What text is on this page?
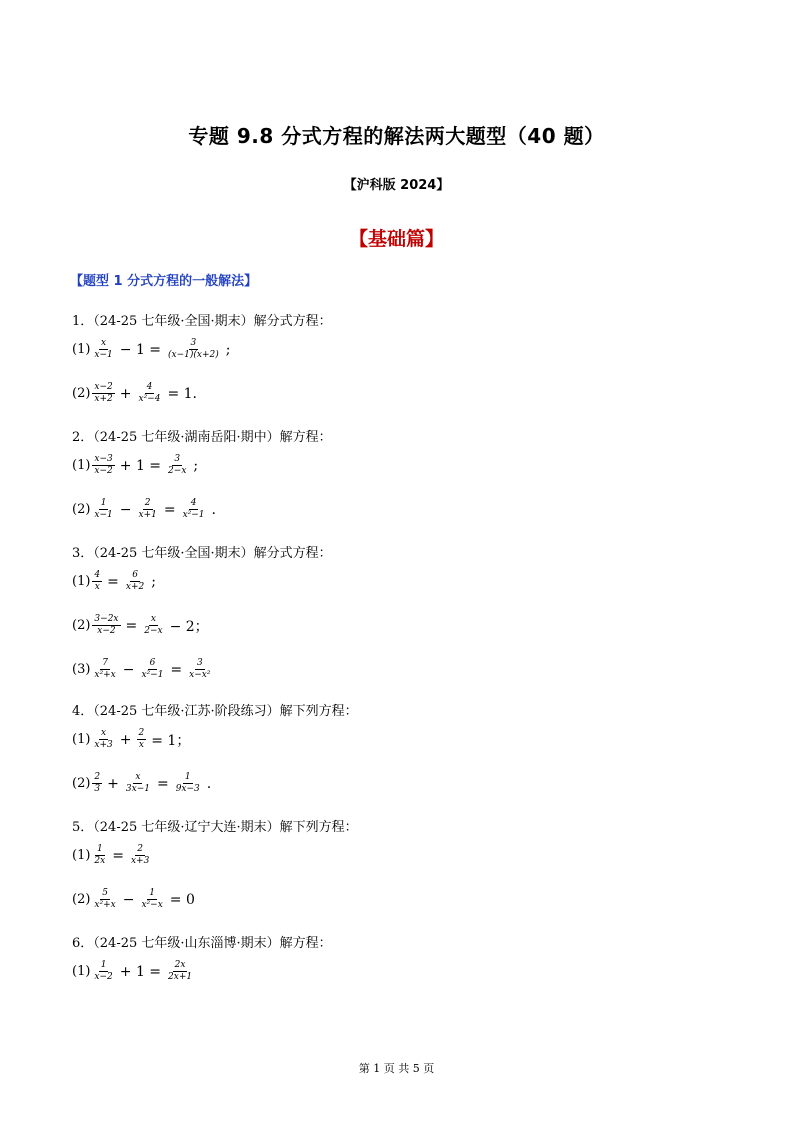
专题 9.8 分式方程的解法两大题型（40 题）
【沪科版 2024】
【基础篇】
【题型 1 分式方程的一般解法】
1．（24-25 七年级·全国·期末）解分式方程：
$(1) \frac{x}{x-1} - 1 = \frac{3}{(x-1)(x+2)}$ ;
$(2) \frac{x-2}{x+2} + \frac{4}{\text{x²−4}} = 1$.
2．（24-25 七年级·湖南岳阳·期中）解方程：
$(1) \frac{x-3}{x-2} + 1 = \frac{3}{2-x}$ ;
$(2) \frac{1}{x-1} - \frac{2}{x+1} = \frac{4}{\text{x²−1}}$ .
3．（24-25 七年级·全国·期末）解分式方程：
$(1) \frac{4}{x} = \frac{6}{x+2}$ ;
$(2) \frac{3-2x}{x-2} = \frac{x}{2-x} - 2$；
$(3) \frac{7}{\text{x²+x}} - \frac{6}{\text{x²−1}} = \frac{3}{\text{x−x²}}$
4．（24-25 七年级·江苏·阶段练习）解下列方程：
$(1) \frac{x}{x+3} + \frac{2}{x} = 1$；
$(2) \frac{2}{3} + \frac{x}{3x-1} = \frac{1}{9x-3}$ .
5．（24-25 七年级·辽宁大连·期末）解下列方程：
$(1) \frac{1}{2x} = \frac{2}{x+3}$
$(2) \frac{5}{\text{x²+x}} - \frac{1}{\text{x²−x}} = 0$
6．（24-25 七年级·山东淄博·期末）解方程：
$(1) \frac{1}{x-2} + 1 = \frac{2x}{2x+1}$
第 1 页 共 5 页
